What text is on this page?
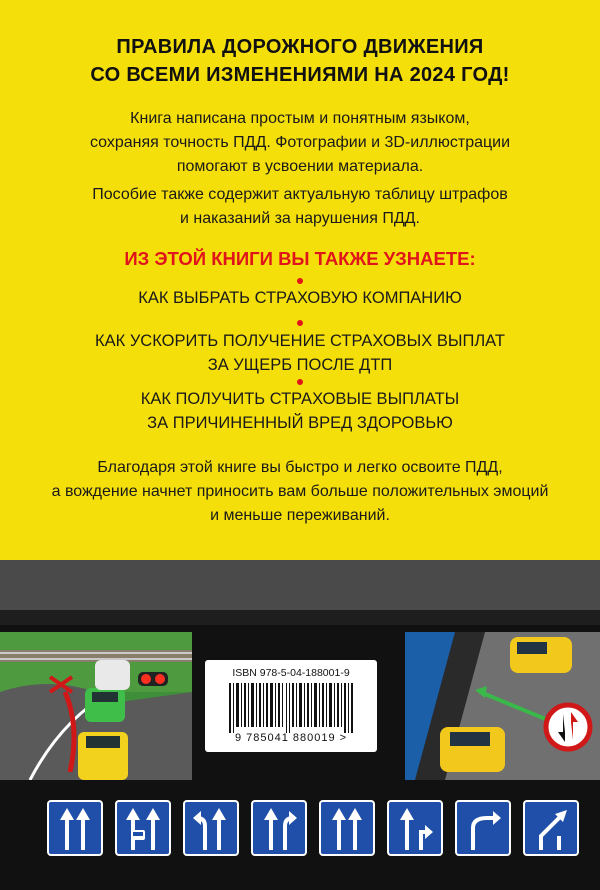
ПРАВИЛА ДОРОЖНОГО ДВИЖЕНИЯ
СО ВСЕМИ ИЗМЕНЕНИЯМИ НА 2024 ГОД!
Книга написана простым и понятным языком,
сохраняя точность ПДД. Фотографии и 3D-иллюстрации
помогают в усвоении материала.
Пособие также содержит актуальную таблицу штрафов
и наказаний за нарушения ПДД.
ИЗ ЭТОЙ КНИГИ ВЫ ТАКЖЕ УЗНАЕТЕ:
КАК ВЫБРАТЬ СТРАХОВУЮ КОМПАНИЮ
КАК УСКОРИТЬ ПОЛУЧЕНИЕ СТРАХОВЫХ ВЫПЛАТ
ЗА УЩЕРБ ПОСЛЕ ДТП
КАК ПОЛУЧИТЬ СТРАХОВЫЕ ВЫПЛАТЫ
ЗА ПРИЧИНЕННЫЙ ВРЕД ЗДОРОВЬЮ
Благодаря этой книге вы быстро и легко освоите ПДД,
а вождение начнет приносить вам больше положительных эмоций
и меньше переживаний.
ISBN 978-5-04-188001-9
9 785041 880019 >
